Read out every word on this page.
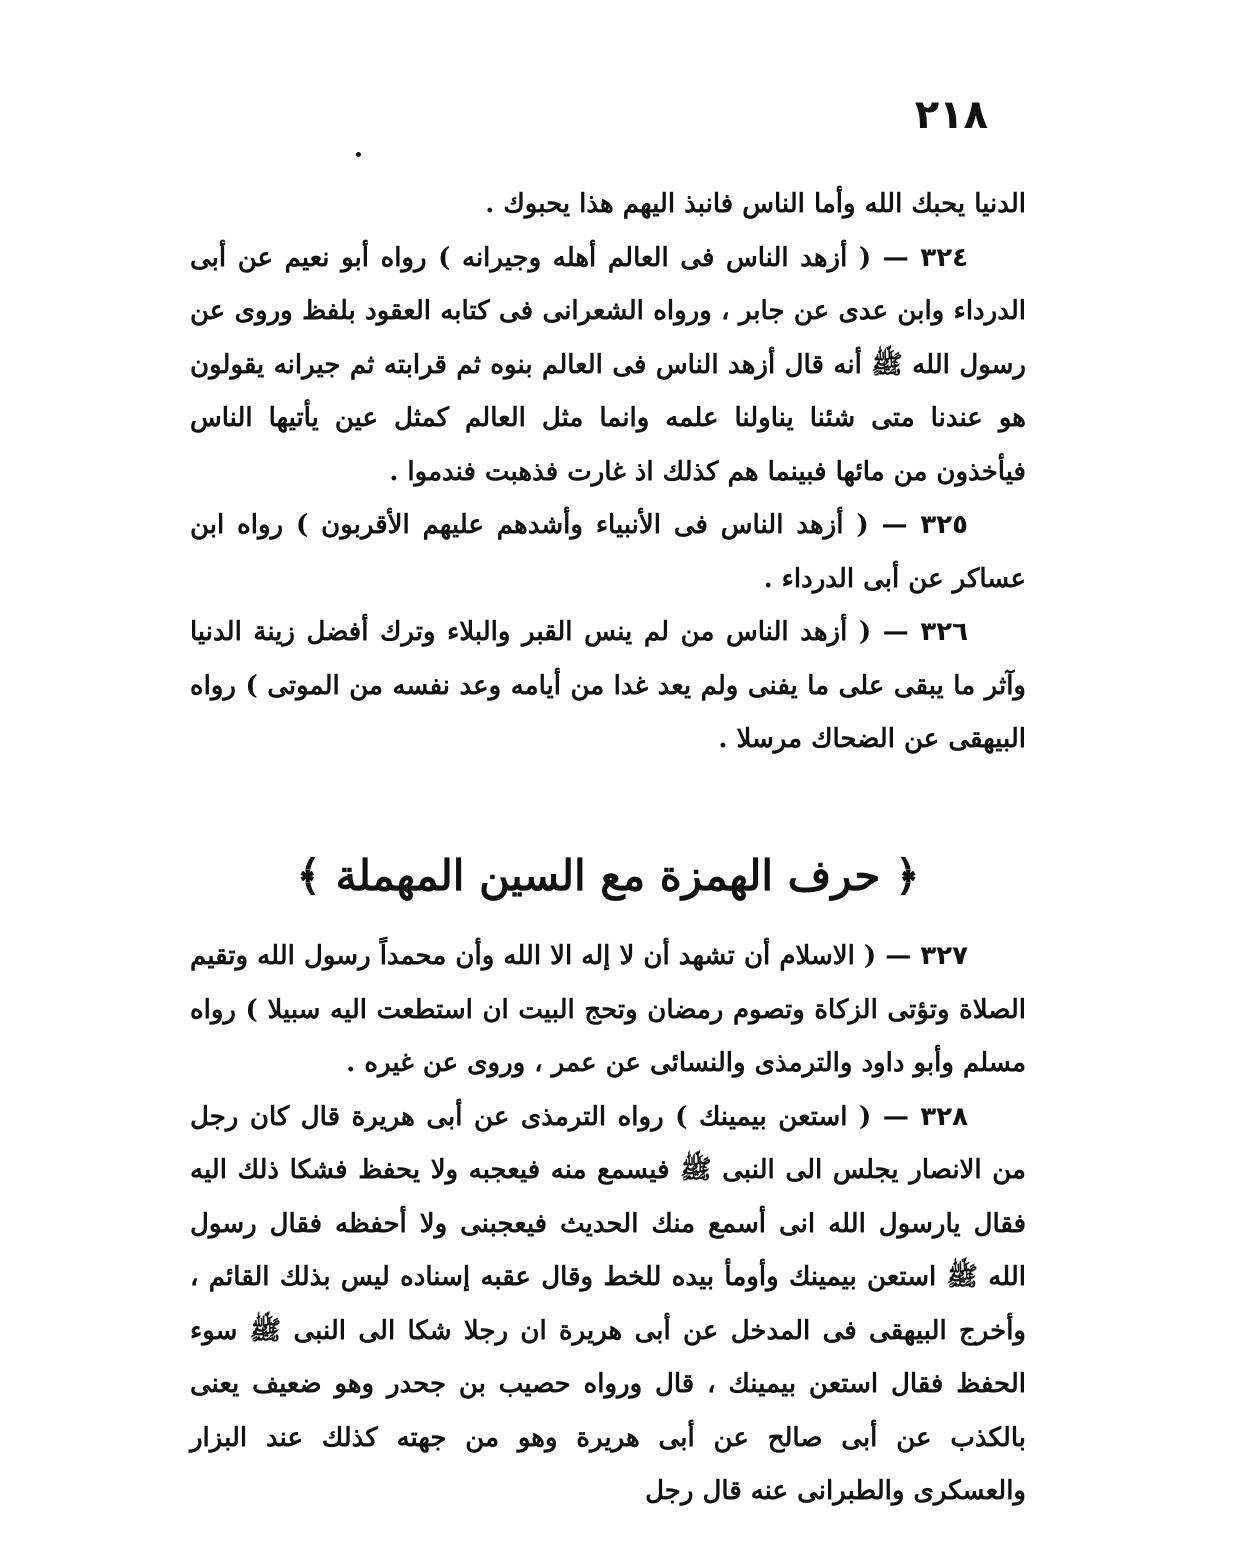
٢١٨

الدنيا يحبك الله وأما الناس فانبذ اليهم هذا يحبوك .

٣٢٤ — ( أزهد الناس فى العالم أهله وجيرانه ) رواه أبو نعيم عن أبى الدرداء وابن عدى عن جابر ، ورواه الشعرانى فى كتابه العقود بلفظ وروى عن رسول الله ﷺ أنه قال أزهد الناس فى العالم بنوه ثم قرابته ثم جيرانه يقولون هو عندنا متى شئنا يناولنا علمه وانما مثل العالم كمثل عين يأتيها الناس فيأخذون من مائها فبينما هم كذلك اذ غارت فذهبت فندموا .

٣٢٥ — ( أزهد الناس فى الأنبياء وأشدهم عليهم الأقربون ) رواه ابن عساكر عن أبى الدرداء .

٣٢٦ — ( أزهد الناس من لم ينس القبر والبلاء وترك أفضل زينة الدنيا وآثر ما يبقى على ما يفنى ولم يعد غدا من أيامه وعد نفسه من الموتى ) رواه البيهقى عن الضحاك مرسلا .

﴿ حرف الهمزة مع السين المهملة ﴾

٣٢٧ — ( الاسلام أن تشهد أن لا إله الا الله وأن محمداً رسول الله وتقيم الصلاة وتؤتى الزكاة وتصوم رمضان وتحج البيت ان استطعت اليه سبيلا ) رواه مسلم وأبو داود والترمذى والنسائى عن عمر ، وروى عن غيره .

٣٢٨ — ( استعن بيمينك ) رواه الترمذى عن أبى هريرة قال كان رجل من الانصار يجلس الى النبى ﷺ فيسمع منه فيعجبه ولا يحفظ فشكا ذلك اليه فقال يارسول الله انى أسمع منك الحديث فيعجبنى ولا أحفظه فقال رسول الله ﷺ استعن بيمينك وأومأ بيده للخط وقال عقبه إسناده ليس بذلك القائم ، وأخرج البيهقى فى المدخل عن أبى هريرة ان رجلا شكا الى النبى ﷺ سوء الحفظ فقال استعن بيمينك ، قال ورواه حصيب بن جحدر وهو ضعيف يعنى بالكذب عن أبى صالح عن أبى هريرة وهو من جهته كذلك عند البزار والعسكرى والطبرانى عنه قال رجل
